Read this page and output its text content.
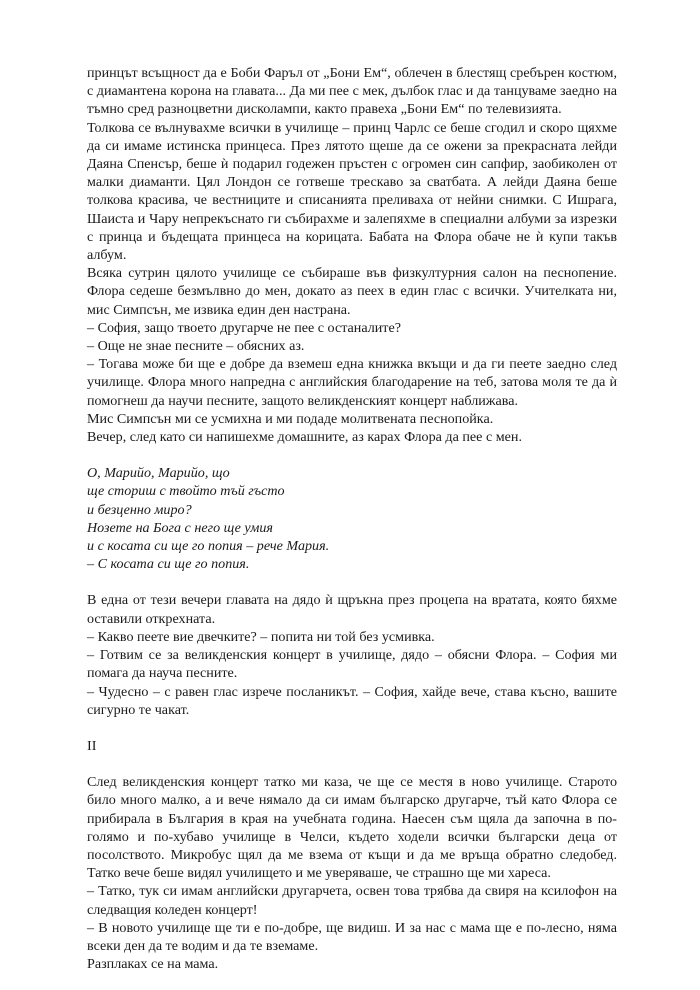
принцът всъщност да е Боби Фаръл от „Бони Ем“, облечен в блестящ сребърен костюм, с диамантена корона на главата... Да ми пее с мек, дълбок глас и да танцуваме заедно на тъмно сред разноцветни дисколампи, както правеха „Бони Ем“ по телевизията.

Толкова се вълнувахме всички в училище – принц Чарлс се беше сгодил и скоро щяхме да си имаме истинска принцеса. През лятото щеше да се ожени за прекрасната лейди Даяна Спенсър, беше ѝ подарил годежен пръстен с огромен син сапфир, заобиколен от малки диаманти. Цял Лондон се готвеше трескаво за сватбата. А лейди Даяна беше толкова красива, че вестниците и списанията преливаха от нейни снимки. С Ишрага, Шаиста и Чару непрекъснато ги събирахме и залепяхме в специални албуми за изрезки с принца и бъдещата принцеса на корицата. Бабата на Флора обаче не ѝ купи такъв албум.

Всяка сутрин цялото училище се събираше във физкултурния салон на песнопение. Флора седеше безмълвно до мен, докато аз пеех в един глас с всички. Учителката ни, мис Симпсън, ме извика един ден настрана.

– София, защо твоето другарче не пее с останалите?

– Още не знае песните – обясних аз.

– Тогава може би ще е добре да вземеш една книжка вкъщи и да ги пеете заедно след училище. Флора много напредна с английския благодарение на теб, затова моля те да ѝ помогнеш да научи песните, защото великденският концерт наближава.

Мис Симпсън ми се усмихна и ми подаде молитвената песнопойка.

Вечер, след като си напишехме домашните, аз карах Флора да пее с мен.

О, Марийо, Марийо, що

ще сториш с твойто тъй гъсто

и безценно миро?

Нозете на Бога с него ще умия

и с косата си ще го попия – рече Мария.

– С косата си ще го попия.

В една от тези вечери главата на дядо ѝ щръкна през процепа на вратата, която бяхме оставили открехната.

– Какво пеете вие двечките? – попита ни той без усмивка.

– Готвим се за великденския концерт в училище, дядо – обясни Флора. – София ми помага да науча песните.

– Чудесно – с равен глас изрече посланикът. – София, хайде вече, става късно, вашите сигурно те чакат.

II

След великденския концерт татко ми каза, че ще се местя в ново училище. Старото било много малко, а и вече нямало да си имам българско другарче, тъй като Флора се прибирала в България в края на учебната година. Наесен съм щяла да започна в по-голямо и по-хубаво училище в Челси, където ходели всички български деца от посолството. Микробус щял да ме взема от къщи и да ме връща обратно следобед. Татко вече беше видял училището и ме уверяваше, че страшно ще ми хареса.

– Татко, тук си имам английски другарчета, освен това трябва да свиря на ксилофон на следващия коледен концерт!

– В новото училище ще ти е по-добре, ще видиш. И за нас с мама ще е по-лесно, няма всеки ден да те водим и да те вземаме.

Разплаках се на мама.
